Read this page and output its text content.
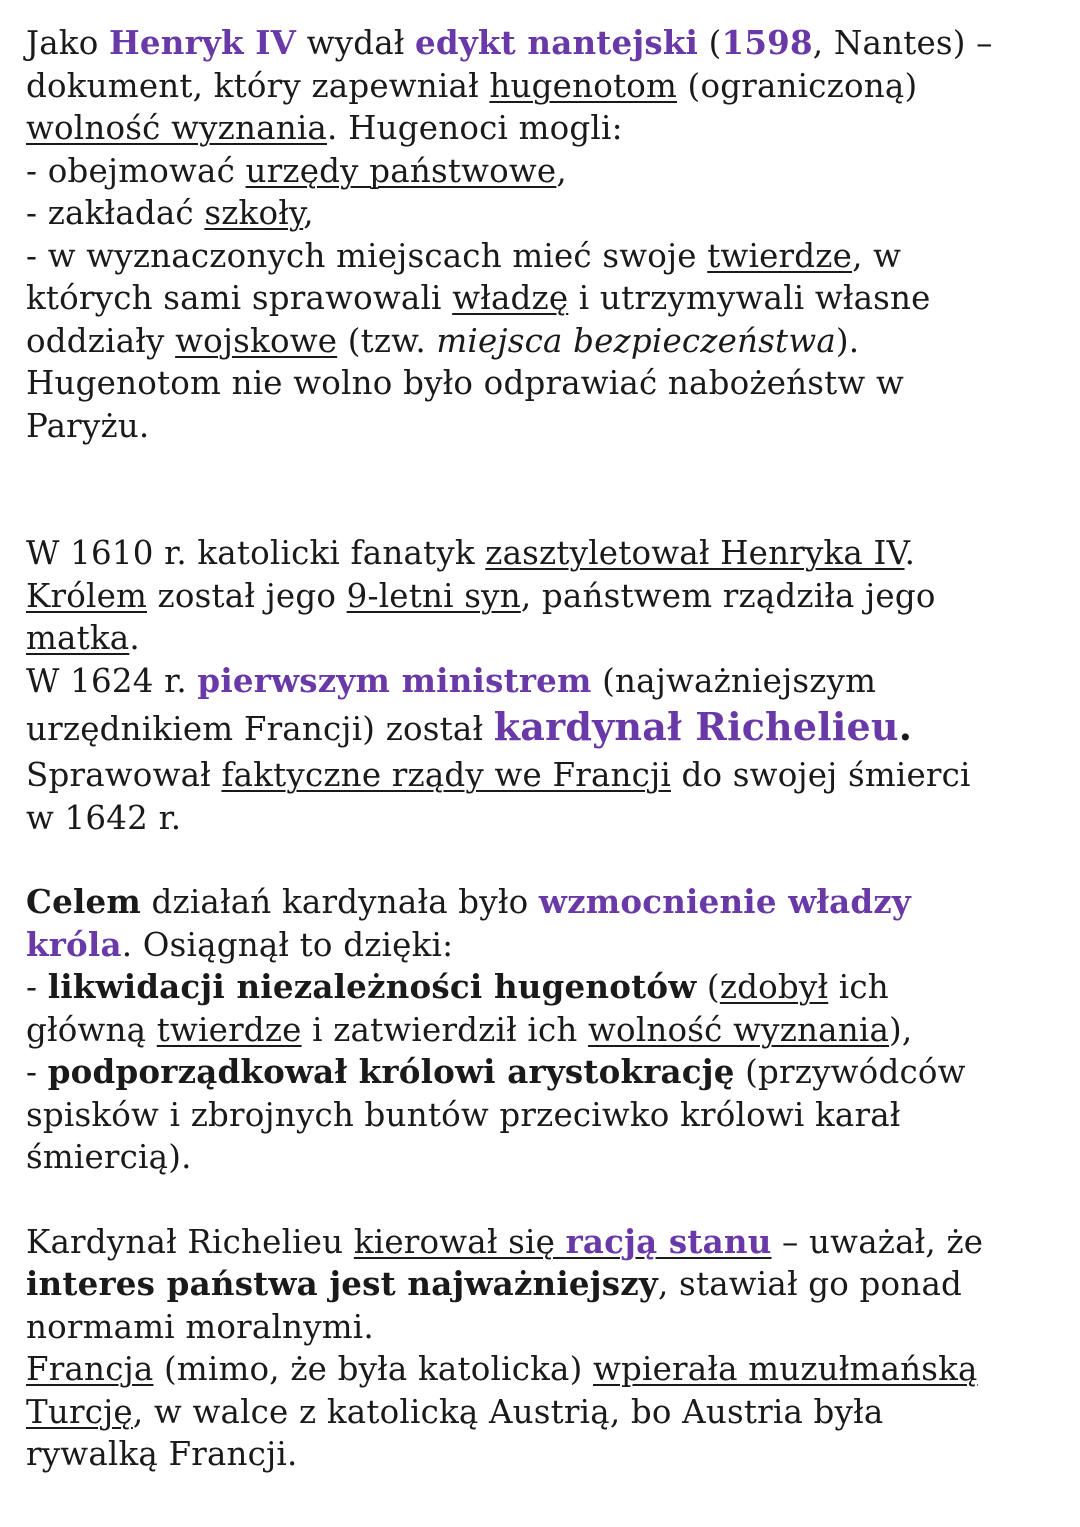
Jako Henryk IV wydał edykt nantejski (1598, Nantes) –

dokument, który zapewniał hugenotom (ograniczoną)

wolność wyznania. Hugenoci mogli:

- obejmować urzędy państwowe,

- zakładać szkoły,

- w wyznaczonych miejscach mieć swoje twierdze, w

których sami sprawowali władzę i utrzymywali własne

oddziały wojskowe (tzw. miejsca bezpieczeństwa).

Hugenotom nie wolno było odprawiać nabożeństw w

Paryżu.

W 1610 r. katolicki fanatyk zasztyletował Henryka IV.

Królem został jego 9-letni syn, państwem rządziła jego

matka.

W 1624 r. pierwszym ministrem (najważniejszym

urzędnikiem Francji) został kardynał Richelieu.

Sprawował faktyczne rządy we Francji do swojej śmierci

w 1642 r.

Celem działań kardynała było wzmocnienie władzy

króla. Osiągnął to dzięki:

- likwidacji niezależności hugenotów (zdobył ich

główną twierdze i zatwierdził ich wolność wyznania),

- podporządkował królowi arystokrację (przywódców

spisków i zbrojnych buntów przeciwko królowi karał

śmiercią).

Kardynał Richelieu kierował się racją stanu – uważał, że

interes państwa jest najważniejszy, stawiał go ponad

normami moralnymi.

Francja (mimo, że była katolicka) wpierała muzułmańską

Turcję, w walce z katolicką Austrią, bo Austria była

rywalką Francji.
